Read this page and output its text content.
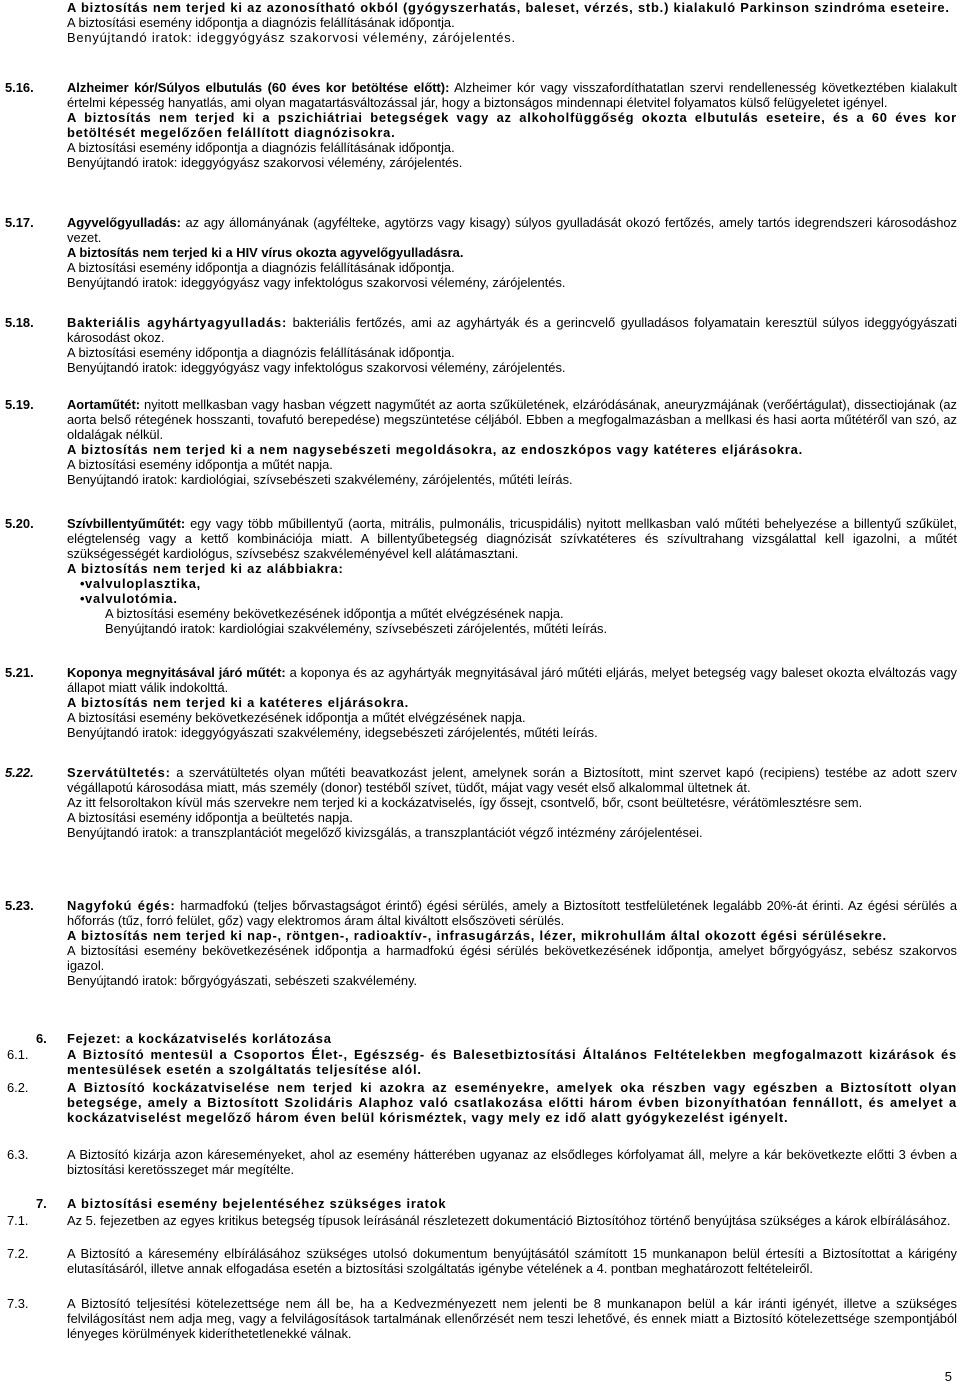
A biztosítás nem terjed ki az azonosítható okból (gyógyszerhatás, baleset, vérzés, stb.) kialakuló Parkinson szindróma eseteire.

A biztosítási esemény időpontja a diagnózis felállításának időpontja.

Benyújtandó iratok: ideggyógyász szakorvosi vélemény, zárójelentés.

5.16.	Alzheimer kór/Súlyos elbutulás (60 éves kor betöltése előtt): Alzheimer kór vagy visszafordíthatatlan szervi rendellenesség következtében kialakult értelmi képesség hanyatlás, ami olyan magatartásváltozással jár, hogy a biztonságos mindennapi életvitel folyamatos külső felügyeletet igényel.

A biztosítás nem terjed ki a pszichiátriai betegségek vagy az alkoholfüggőség okozta elbutulás eseteire, és a 60 éves kor betöltését megelőzően felállított diagnózisokra.

A biztosítási esemény időpontja a diagnózis felállításának időpontja.

Benyújtandó iratok: ideggyógyász szakorvosi vélemény, zárójelentés.

5.17.	Agyvelőgyulladás: az agy állományának (agyfélteke, agytörzs vagy kisagy) súlyos gyulladását okozó fertőzés, amely tartós idegrendszeri károsodáshoz vezet.

A biztosítás nem terjed ki a HIV vírus okozta agyvelőgyulladásra.

A biztosítási esemény időpontja a diagnózis felállításának időpontja.

Benyújtandó iratok: ideggyógyász vagy infektológus szakorvosi vélemény, zárójelentés.

5.18.	Bakteriális agyhártyagyulladás: bakteriális fertőzés, ami az agyhártyák és a gerincvelő gyulladásos folyamatain keresztül súlyos ideggyógyászati károsodást okoz.

A biztosítási esemény időpontja a diagnózis felállításának időpontja.

Benyújtandó iratok: ideggyógyász vagy infektológus szakorvosi vélemény, zárójelentés.

5.19.	Aortaműtét: nyitott mellkasban vagy hasban végzett nagyműtét az aorta szűkületének, elzáródásának, aneuryzmájának (verőértágulat), dissectiojának (az aorta belső rétegének hosszanti, tovafutó berepedése) megszüntetése céljából. Ebben a megfogalmazásban a mellkasi és hasi aorta műtétéről van szó, az oldalágak nélkül.

A biztosítás nem terjed ki a nem nagysebészeti megoldásokra, az endoszkópos vagy katéteres eljárásokra.

A biztosítási esemény időpontja a műtét napja.

Benyújtandó iratok: kardiológiai, szívsebészeti szakvélemény, zárójelentés, műtéti leírás.

5.20.	Szívbillentyűműtét: egy vagy több műbillentyű (aorta, mitrális, pulmonális, tricuspidális) nyitott mellkasban való műtéti behelyezése a billentyű szűkület, elégtelenség vagy a kettő kombinációja miatt. A billentyűbetegség diagnózisát szívkatéteres és szívultrahang vizsgálattal kell igazolni, a műtét szükségességét kardiológus, szívsebész szakvéleményével kell alátámasztani.

A biztosítás nem terjed ki az alábbiakra:

• valvuloplasztika,
• valvulotómia.

A biztosítási esemény bekövetkezésének időpontja a műtét elvégzésének napja.

Benyújtandó iratok: kardiológiai szakvélemény, szívsebészeti zárójelentés, műtéti leírás.

5.21.	Koponya megnyitásával járó műtét: a koponya és az agyhártyák megnyitásával járó műtéti eljárás, melyet betegség vagy baleset okozta elváltozás vagy állapot miatt válik indokolttá.

A biztosítás nem terjed ki a katéteres eljárásokra.

A biztosítási esemény bekövetkezésének időpontja a műtét elvégzésének napja.

Benyújtandó iratok: ideggyógyászati szakvélemény, idegsebészeti zárójelentés, műtéti leírás.

5.22.	Szervátültetés: a szervátültetés olyan műtéti beavatkozást jelent, amelynek során a Biztosított, mint szervet kapó (recipiens) testébe az adott szerv végállapotú károsodása miatt, más személy (donor) testéből szívet, tüdőt, májat vagy vesét első alkalommal ültetnek át.

Az itt felsoroltakon kívül más szervekre nem terjed ki a kockázatviselés, így őssejt, csontvelő, bőr, csont beültetésre, vérátömlesztésre sem.

A biztosítási esemény időpontja a beültetés napja.

Benyújtandó iratok: a transzplantációt megelőző kivizsgálás, a transzplantációt végző intézmény zárójelentései.

5.23.	Nagyfokú égés: harmadfokú (teljes bőrvastagságot érintő) égési sérülés, amely a Biztosított testfelületének legalább 20%-át érinti. Az égési sérülés a hőforrás (tűz, forró felület, gőz) vagy elektromos áram által kiváltott elsőszöveti sérülés.

A biztosítás nem terjed ki nap-, röntgen-, radioaktív-, infrasugárzás, lézer, mikrohullám által okozott égési sérülésekre.

A biztosítási esemény bekövetkezésének időpontja a harmadfokú égési sérülés bekövetkezésének időpontja, amelyet bőrgyógyász, sebész szakorvos igazol.

Benyújtandó iratok: bőrgyógyászati, sebészeti szakvélemény.

6. Fejezet: a kockázatviselés korlátozása

6.1.	A Biztosító mentesül a Csoportos Élet-, Egészség- és Balesetbiztosítási Általános Feltételekben megfogalmazott kizárások és mentesülések esetén a szolgáltatás teljesítése alól.

6.2.	A Biztosító kockázatviselése nem terjed ki azokra az eseményekre, amelyek oka részben vagy egészben a Biztosított olyan betegsége, amely a Biztosított Szolidáris Alaphoz való csatlakozása előtti három évben bizonyíthatóan fennállott, és amelyet a kockázatviselést megelőző három éven belül kórisméztek, vagy mely ez idő alatt gyógykezelést igényelt.

6.3.	A Biztosító kizárja azon káreseményeket, ahol az esemény hátterében ugyanaz az elsődleges kórfolyamat áll, melyre a kár bekövetkezte előtti 3 évben a biztosítási keretösszeget már megítélte.

7. A biztosítási esemény bejelentéséhez szükséges iratok

7.1.	Az 5. fejezetben az egyes kritikus betegség típusok leírásánál részletezett dokumentáció Biztosítóhoz történő benyújtása szükséges a károk elbírálásához.

7.2.	A Biztosító a káresemény elbírálásához szükséges utolsó dokumentum benyújtásától számított 15 munkanapon belül értesíti a Biztosítottat a kárigény elutasításáról, illetve annak elfogadása esetén a biztosítási szolgáltatás igénybe vételének a 4. pontban meghatározott feltételeiről.

7.3.	A Biztosító teljesítési kötelezettsége nem áll be, ha a Kedvezményezett nem jelenti be 8 munkanapon belül a kár iránti igényét, illetve a szükséges felvilágosítást nem adja meg, vagy a felvilágosítások tartalmának ellenőrzését nem teszi lehetővé, és ennek miatt a Biztosító kötelezettsége szempontjából lényeges körülmények kideríthetetlenekké válnak.

5
